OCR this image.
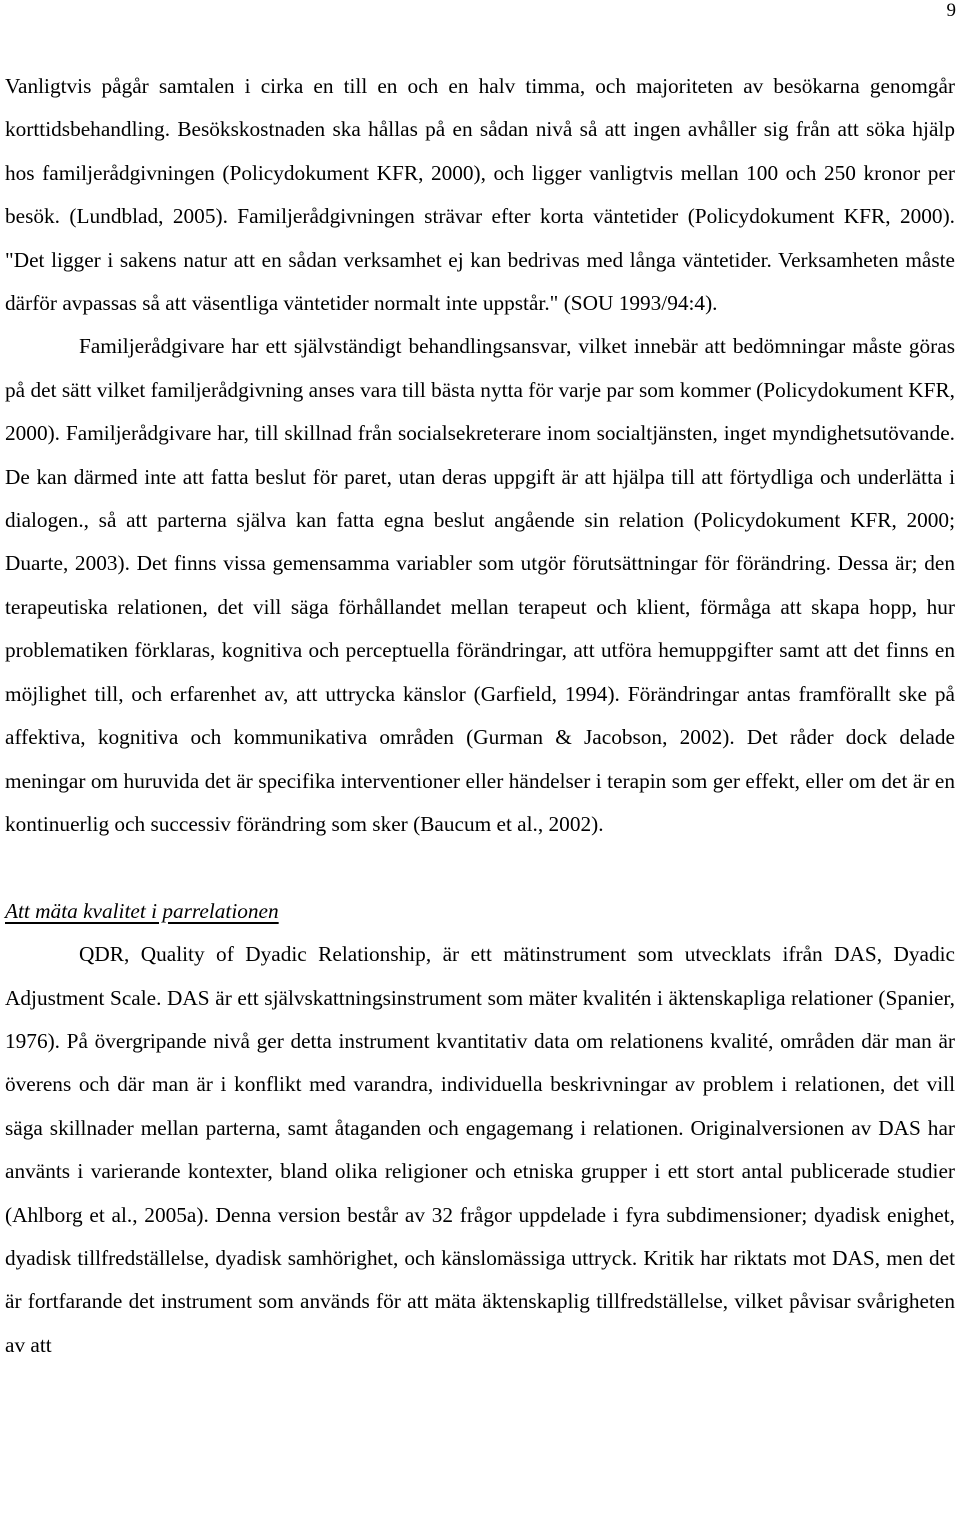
9

Vanligtvis pågår samtalen i cirka en till en och en halv timma, och majoriteten av besökarna genomgår korttidsbehandling. Besökskostnaden ska hållas på en sådan nivå så att ingen avhåller sig från att söka hjälp hos familjerådgivningen (Policydokument KFR, 2000), och ligger vanligtvis mellan 100 och 250 kronor per besök. (Lundblad, 2005). Familjerådgivningen strävar efter korta väntetider (Policydokument KFR, 2000). "Det ligger i sakens natur att en sådan verksamhet ej kan bedrivas med långa väntetider. Verksamheten måste därför avpassas så att väsentliga väntetider normalt inte uppstår." (SOU 1993/94:4).

Familjerådgivare har ett självständigt behandlingsansvar, vilket innebär att bedömningar måste göras på det sätt vilket familjerådgivning anses vara till bästa nytta för varje par som kommer (Policydokument KFR, 2000). Familjerådgivare har, till skillnad från socialsekreterare inom socialtjänsten, inget myndighetsutövande. De kan därmed inte att fatta beslut för paret, utan deras uppgift är att hjälpa till att förtydliga och underlätta i dialogen., så att parterna själva kan fatta egna beslut angående sin relation (Policydokument KFR, 2000; Duarte, 2003). Det finns vissa gemensamma variabler som utgör förutsättningar för förändring. Dessa är; den terapeutiska relationen, det vill säga förhållandet mellan terapeut och klient, förmåga att skapa hopp, hur problematiken förklaras, kognitiva och perceptuella förändringar, att utföra hemuppgifter samt att det finns en möjlighet till, och erfarenhet av, att uttrycka känslor (Garfield, 1994). Förändringar antas framförallt ske på affektiva, kognitiva och kommunikativa områden (Gurman & Jacobson, 2002). Det råder dock delade meningar om huruvida det är specifika interventioner eller händelser i terapin som ger effekt, eller om det är en kontinuerlig och successiv förändring som sker (Baucum et al., 2002).

Att mäta kvalitet i parrelationen

QDR, Quality of Dyadic Relationship, är ett mätinstrument som utvecklats ifrån DAS, Dyadic Adjustment Scale. DAS är ett självskattningsinstrument som mäter kvalitén i äktenskapliga relationer (Spanier, 1976). På övergripande nivå ger detta instrument kvantitativ data om relationens kvalité, områden där man är överens och där man är i konflikt med varandra, individuella beskrivningar av problem i relationen, det vill säga skillnader mellan parterna, samt åtaganden och engagemang i relationen. Originalversionen av DAS har använts i varierande kontexter, bland olika religioner och etniska grupper i ett stort antal publicerade studier (Ahlborg et al., 2005a). Denna version består av 32 frågor uppdelade i fyra subdimensioner; dyadisk enighet, dyadisk tillfredställelse, dyadisk samhörighet, och känslomässiga uttryck. Kritik har riktats mot DAS, men det är fortfarande det instrument som används för att mäta äktenskaplig tillfredställelse, vilket påvisar svårigheten av att
